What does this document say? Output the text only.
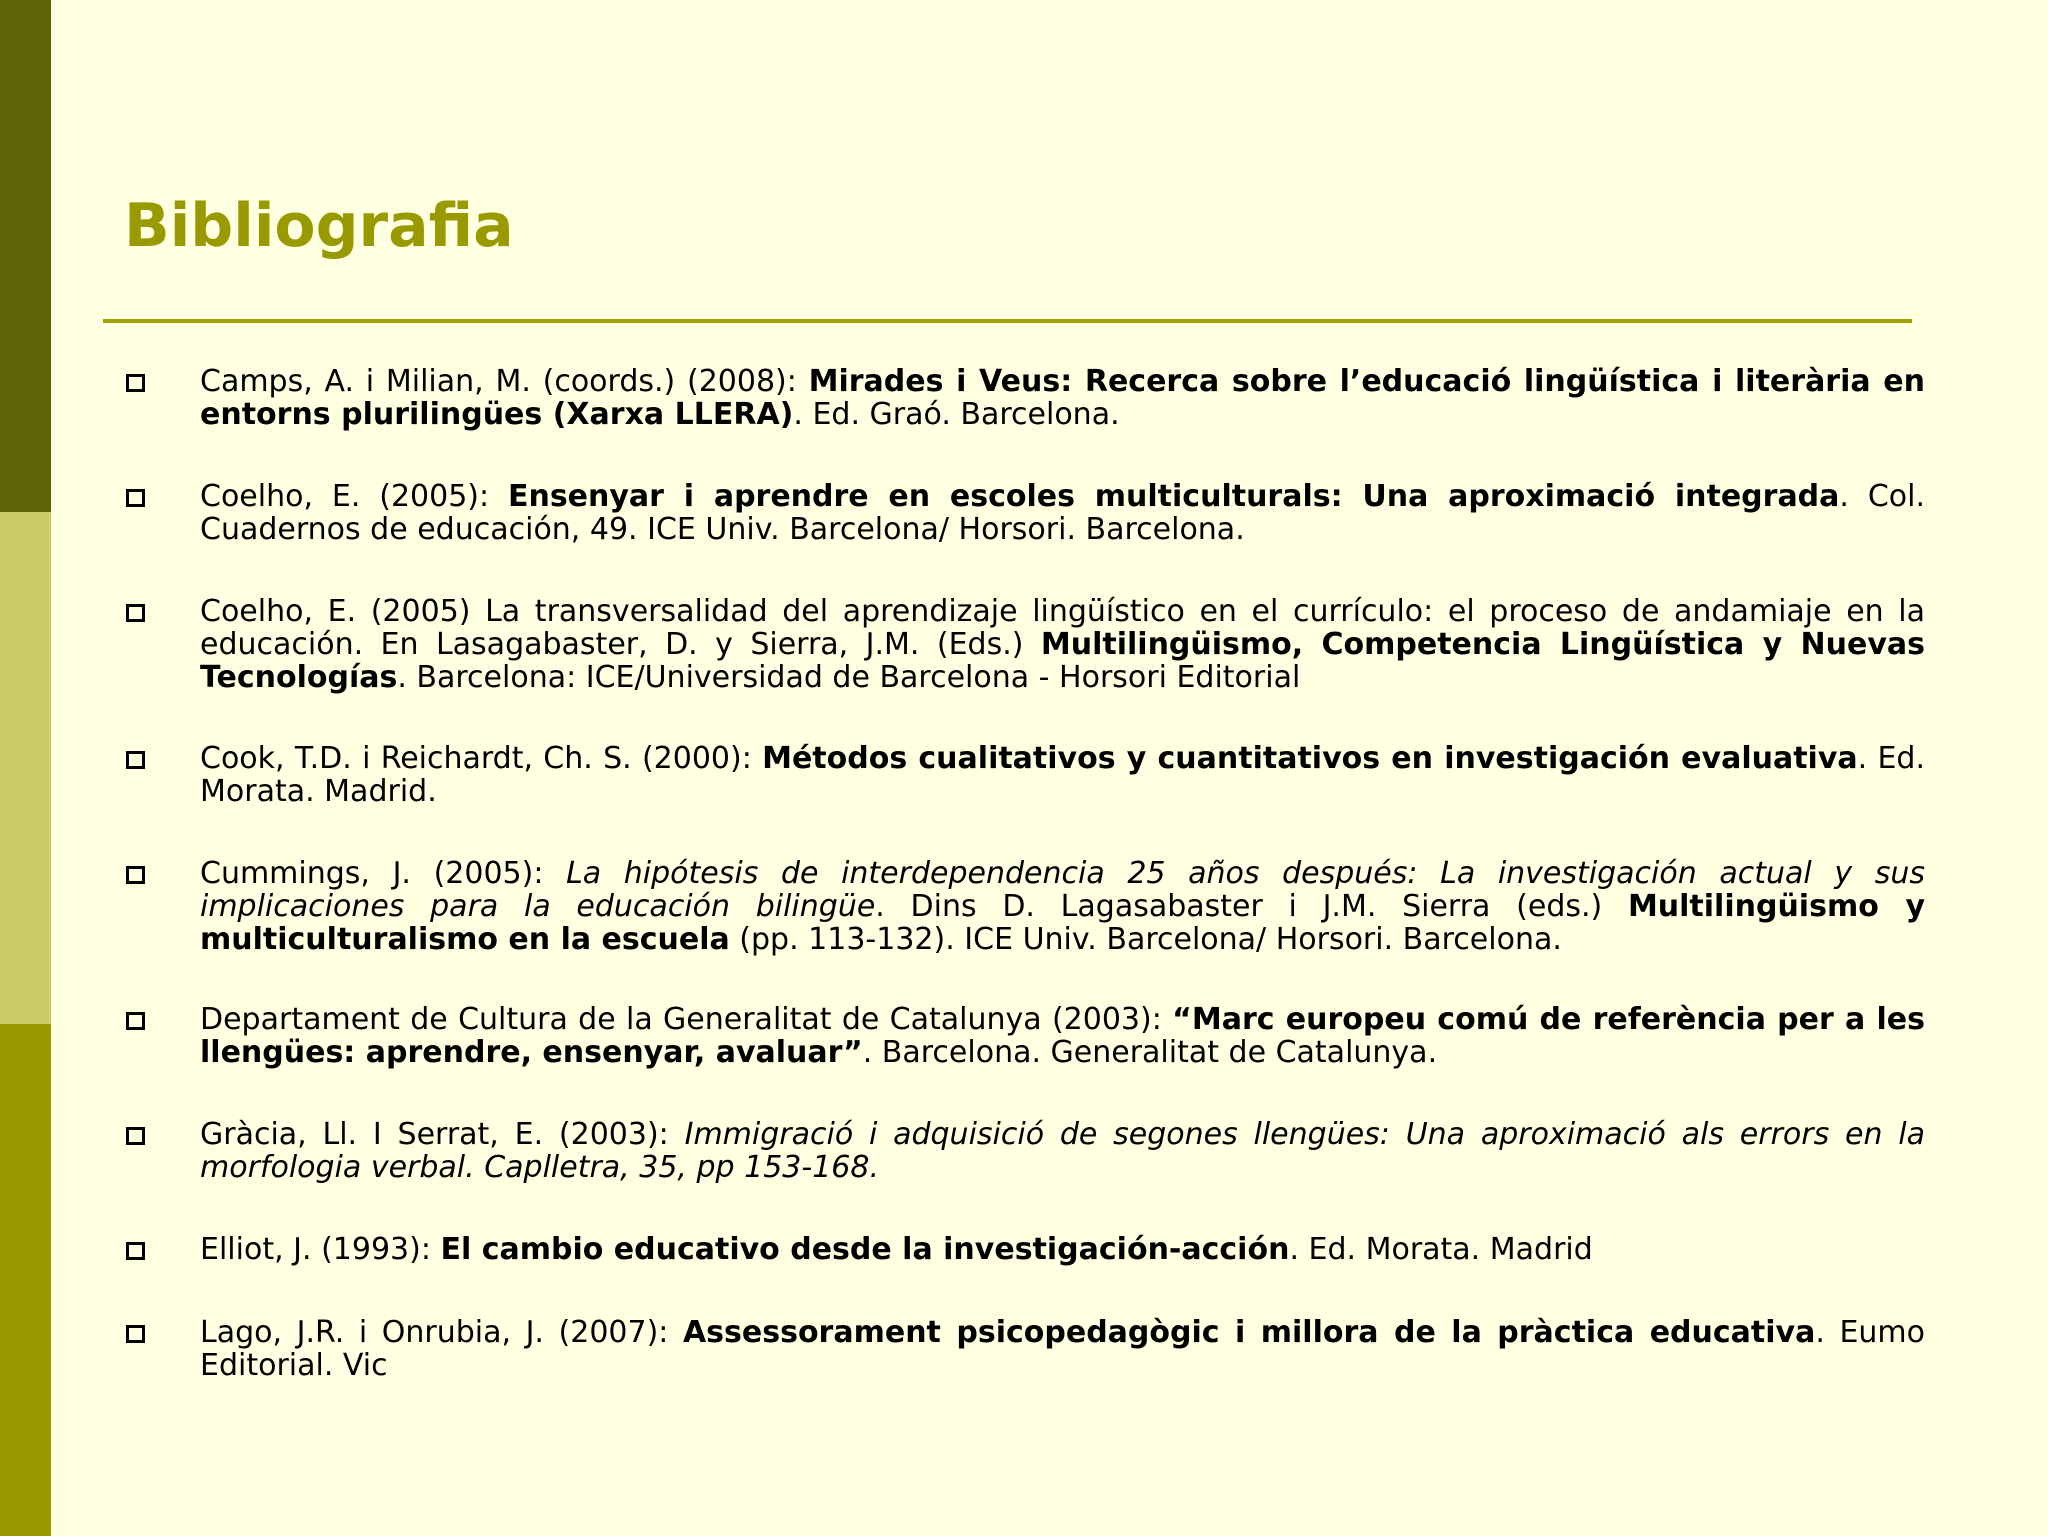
Bibliografia
Camps, A. i Milian, M. (coords.) (2008): Mirades i Veus: Recerca sobre l’educació lingüística i literària en entorns plurilingües (Xarxa LLERA). Ed. Graó. Barcelona.
Coelho, E. (2005): Ensenyar i aprendre en escoles multiculturals: Una aproximació integrada. Col. Cuadernos de educación, 49. ICE Univ. Barcelona/ Horsori. Barcelona.
Coelho, E. (2005) La transversalidad del aprendizaje lingüístico en el currículo: el proceso de andamiaje en la educación. En Lasagabaster, D. y Sierra, J.M. (Eds.) Multilingüismo, Competencia Lingüística y Nuevas Tecnologías. Barcelona: ICE/Universidad de Barcelona - Horsori Editorial
Cook, T.D. i Reichardt, Ch. S. (2000): Métodos cualitativos y cuantitativos en investigación evaluativa. Ed. Morata. Madrid.
Cummings, J. (2005): La hipótesis de interdependencia 25 años después: La investigación actual y sus implicaciones para la educación bilingüe. Dins D. Lagasabaster i J.M. Sierra (eds.) Multilingüismo y multiculturalismo en la escuela (pp. 113-132). ICE Univ. Barcelona/ Horsori. Barcelona.
Departament de Cultura de la Generalitat de Catalunya (2003): “Marc europeu comú de referència per a les llengües: aprendre, ensenyar, avaluar”. Barcelona. Generalitat de Catalunya.
Gràcia, Ll. I Serrat, E. (2003): Immigració i adquisició de segones llengües: Una aproximació als errors en la morfologia verbal. Caplletra, 35, pp 153-168.
Elliot, J. (1993): El cambio educativo desde la investigación-acción. Ed. Morata. Madrid
Lago, J.R. i Onrubia, J. (2007): Assessorament psicopedagògic i millora de la pràctica educativa. Eumo Editorial. Vic
